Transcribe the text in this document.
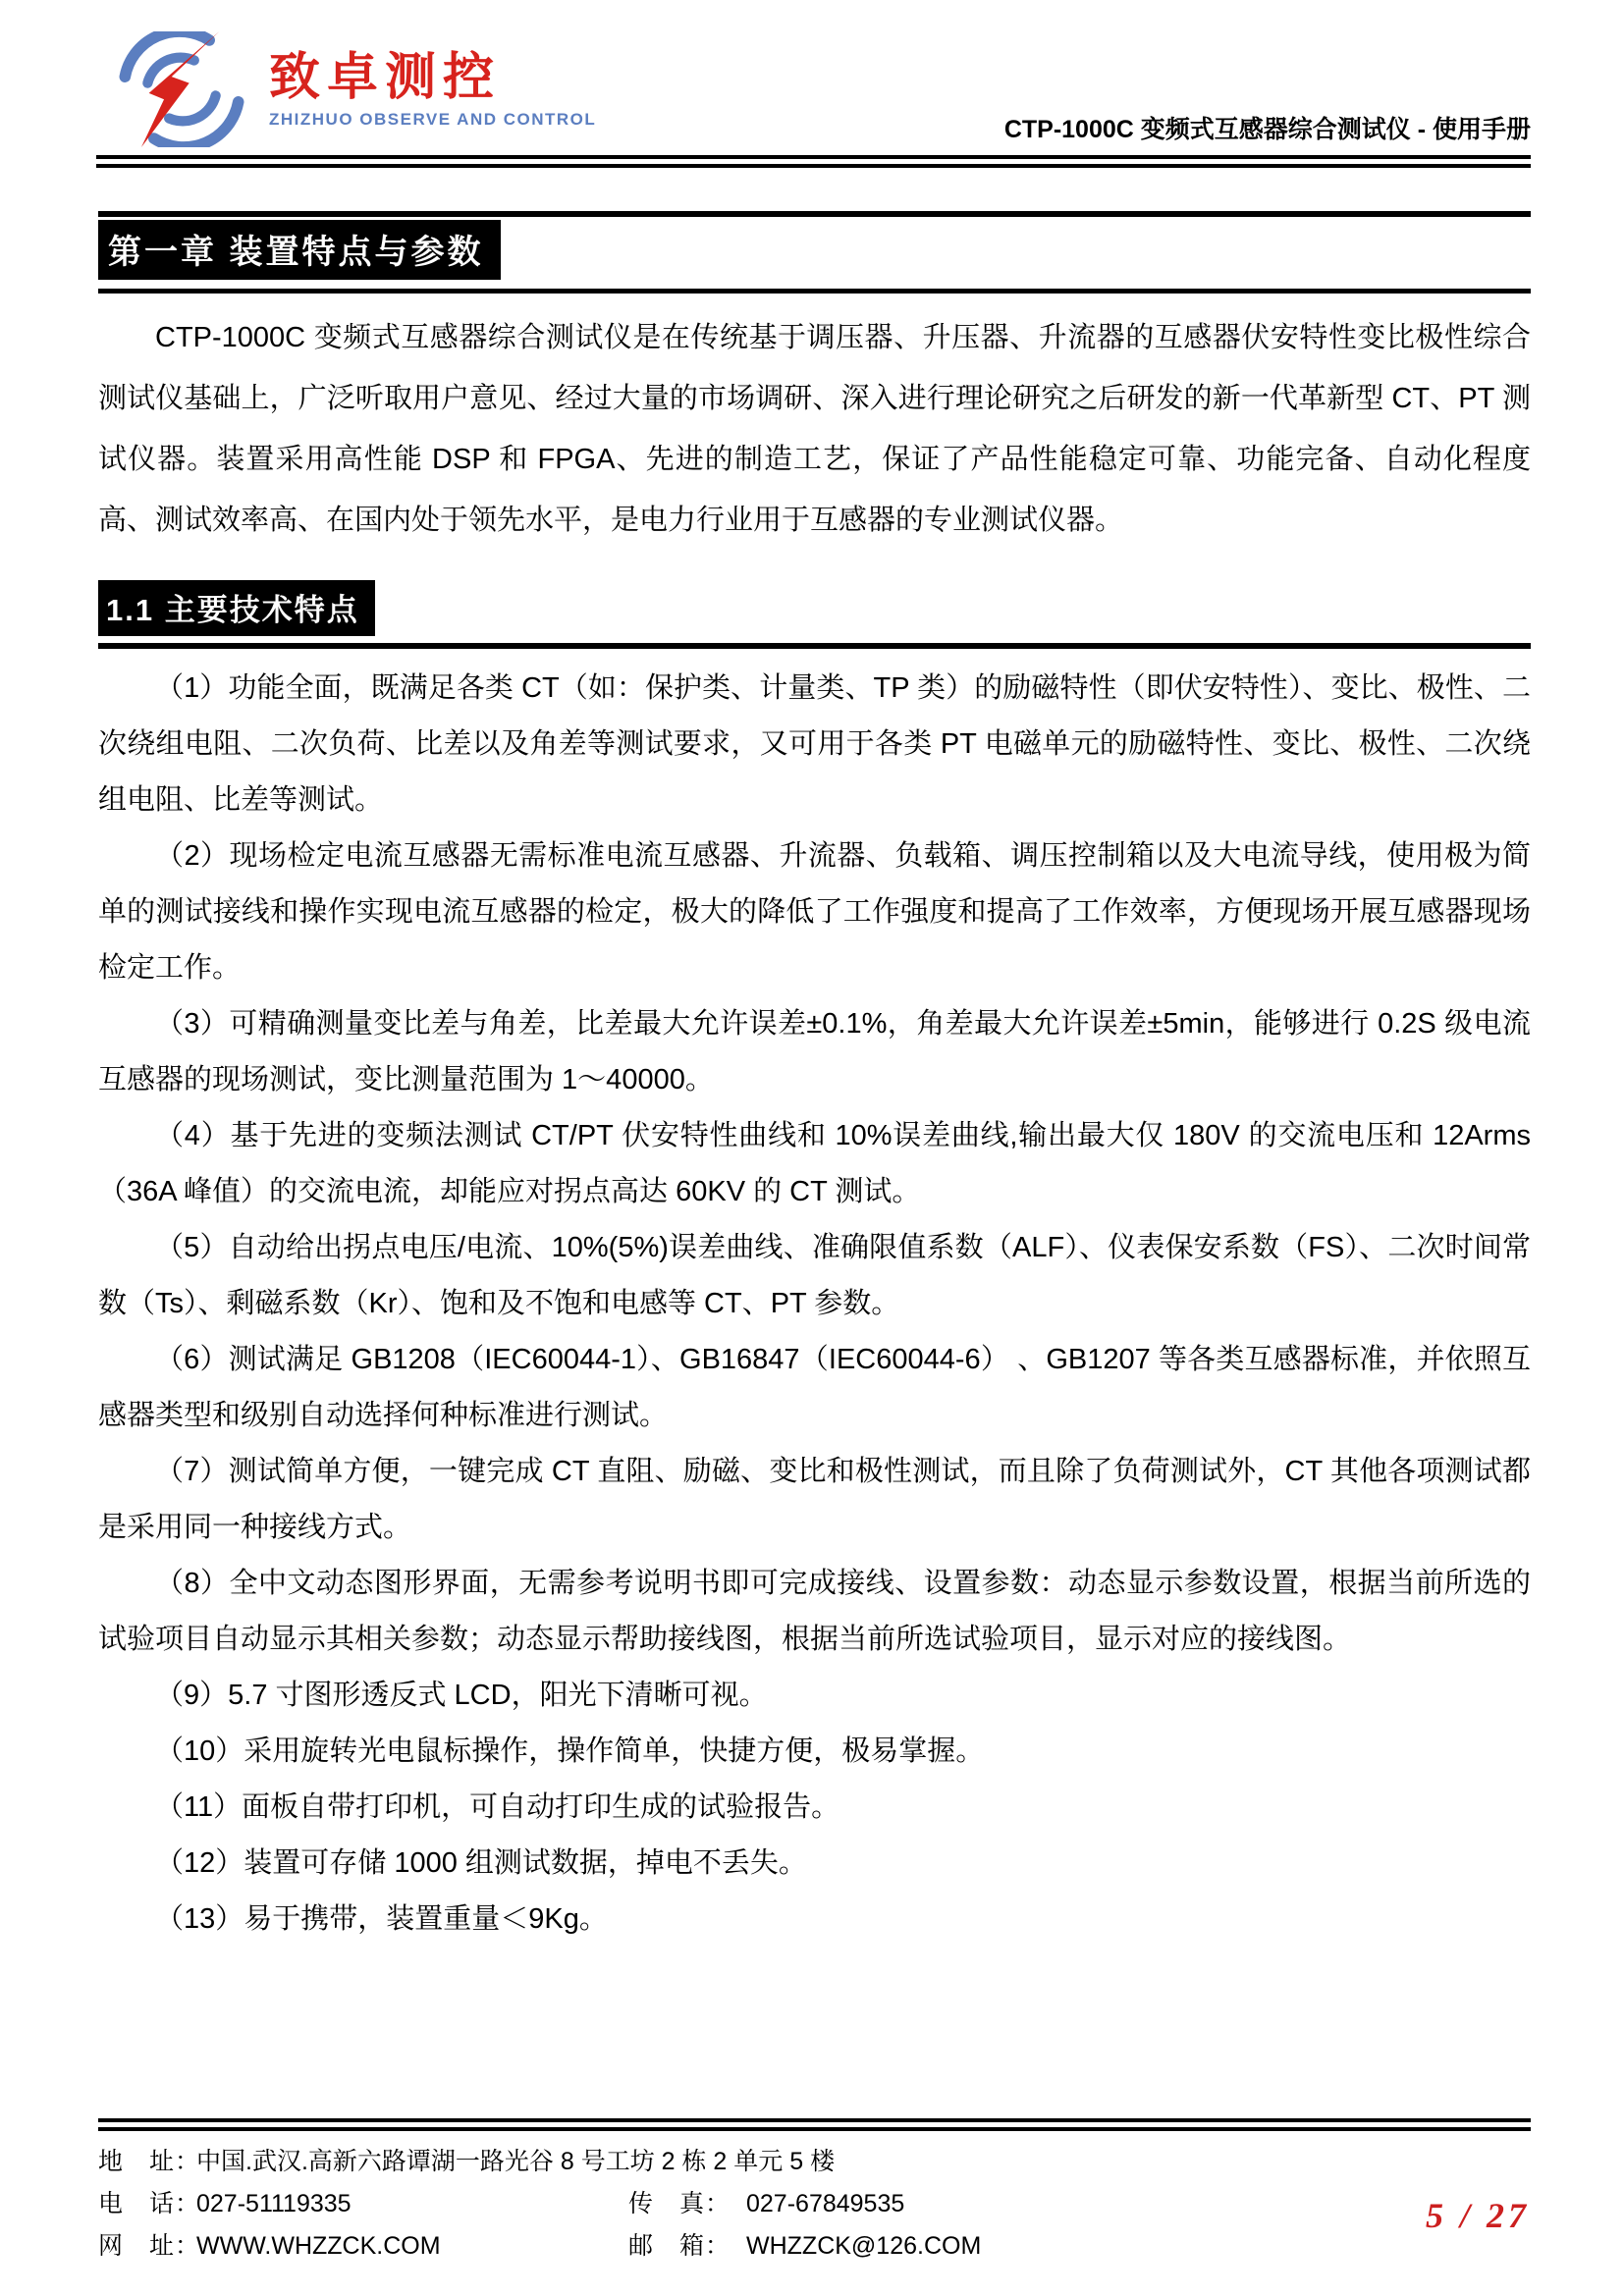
致卓测控
ZHIZHUO OBSERVE AND CONTROL	CTP-1000C 变频式互感器综合测试仪 - 使用手册
第一章 装置特点与参数

CTP-1000C 变频式互感器综合测试仪是在传统基于调压器、升压器、升流器的互感器伏安特性变比极性综合测试仪基础上，广泛听取用户意见、经过大量的市场调研、深入进行理论研究之后研发的新一代革新型 CT、PT 测试仪器。装置采用高性能 DSP 和 FPGA、先进的制造工艺，保证了产品性能稳定可靠、功能完备、自动化程度高、测试效率高、在国内处于领先水平，是电力行业用于互感器的专业测试仪器。

1.1 主要技术特点

（1）功能全面，既满足各类 CT（如：保护类、计量类、TP 类）的励磁特性（即伏安特性）、变比、极性、二次绕组电阻、二次负荷、比差以及角差等测试要求，又可用于各类 PT 电磁单元的励磁特性、变比、极性、二次绕组电阻、比差等测试。

（2）现场检定电流互感器无需标准电流互感器、升流器、负载箱、调压控制箱以及大电流导线，使用极为简单的测试接线和操作实现电流互感器的检定，极大的降低了工作强度和提高了工作效率，方便现场开展互感器现场检定工作。

（3）可精确测量变比差与角差，比差最大允许误差±0.1%，角差最大允许误差±5min，能够进行 0.2S 级电流互感器的现场测试，变比测量范围为 1～40000。

（4）基于先进的变频法测试 CT/PT 伏安特性曲线和 10%误差曲线,输出最大仅 180V 的交流电压和 12Arms（36A 峰值）的交流电流，却能应对拐点高达 60KV 的 CT 测试。

（5）自动给出拐点电压/电流、10%(5%)误差曲线、准确限值系数（ALF）、仪表保安系数（FS）、二次时间常数（Ts）、剩磁系数（Kr）、饱和及不饱和电感等 CT、PT 参数。

（6）测试满足 GB1208（IEC60044-1）、GB16847（IEC60044-6） 、GB1207 等各类互感器标准，并依照互感器类型和级别自动选择何种标准进行测试。

（7）测试简单方便，一键完成 CT 直阻、励磁、变比和极性测试，而且除了负荷测试外，CT 其他各项测试都是采用同一种接线方式。

（8）全中文动态图形界面，无需参考说明书即可完成接线、设置参数：动态显示参数设置，根据当前所选的试验项目自动显示其相关参数；动态显示帮助接线图，根据当前所选试验项目，显示对应的接线图。

（9）5.7 寸图形透反式 LCD，阳光下清晰可视。

（10）采用旋转光电鼠标操作，操作简单，快捷方便，极易掌握。

（11）面板自带打印机，可自动打印生成的试验报告。

（12）装置可存储 1000 组测试数据，掉电不丢失。

（13）易于携带，装置重量＜9Kg。

地　址：
中国.武汉.高新六路谭湖一路光谷 8 号工坊 2 栋 2 单元 5 楼
电　话：
027-51119335	传　真： 027-67849535
网　址：
WWW.WHZZCK.COM	邮　箱： WHZZCK@126.COM
5 / 27
